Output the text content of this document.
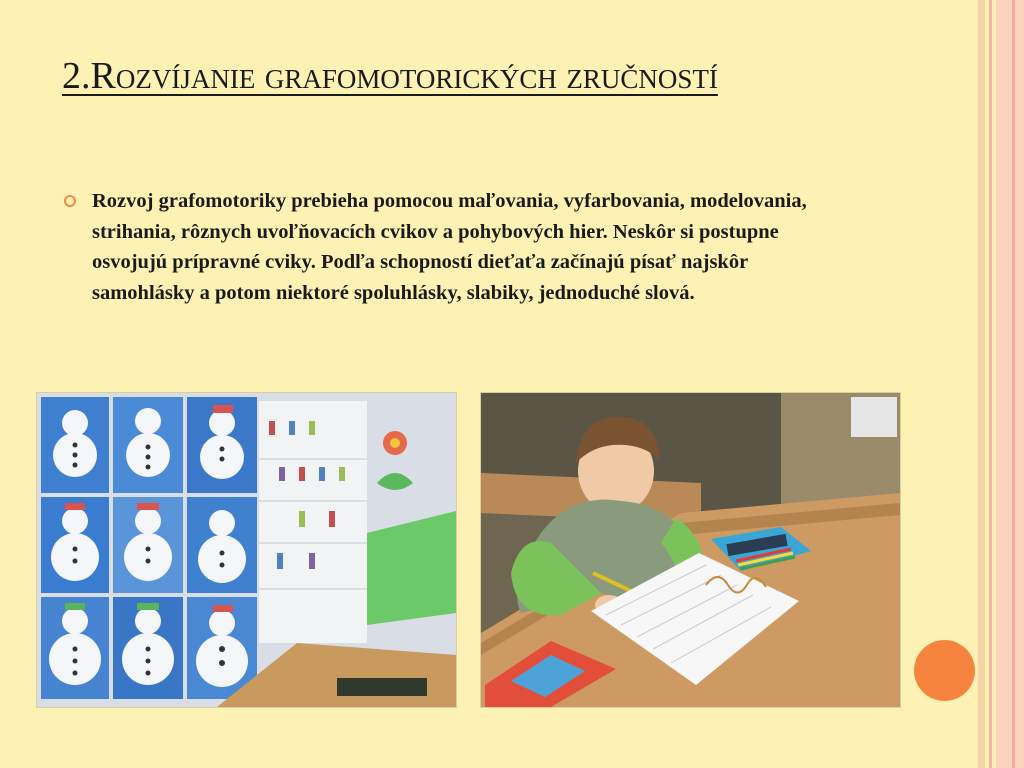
2.Rozvíjanie grafomotorických zručností
Rozvoj grafomotoriky prebieha pomocou maľovania, vyfarbovania, modelovania, strihania, rôznych uvoľňovacích cvikov a pohybových hier. Neskôr si postupne osvojujú prípravné cviky. Podľa schopností dieťaťa začínajú písať najskôr samohlásky a potom niektoré spoluhlásky, slabiky, jednoduché slová.
